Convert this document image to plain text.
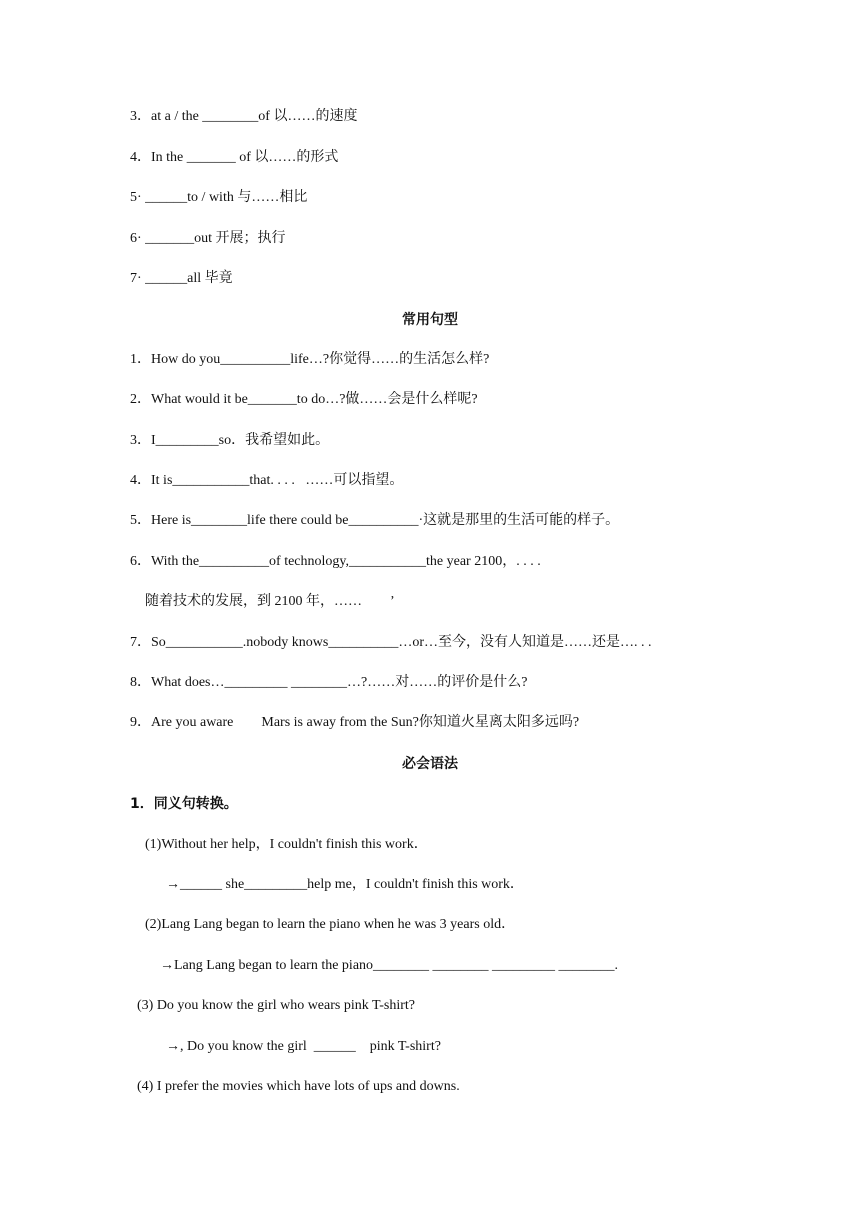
3．at a / the ________of 以……的速度
4．In the _______ of 以……的形式
5· ______to / with 与……相比
6· _______out 开展；执行
7· ______all 毕竟
常用句型
1．How do you__________life…?你觉得……的生活怎么样?
2．What would it be_______to do…?做……会是什么样呢?
3．I_________so．我希望如此。
4．It is___________that. . . .   ……可以指望。
5．Here is________life there could be__________·这就是那里的生活可能的样子。
6．With the__________of technology,___________the year 2100，. . . .
随着技术的发展，到 2100 年，……        ’
7．So___________.nobody knows__________…or…至今，没有人知道是……还是…. . .
8．What does…_________ ________…?……对……的评价是什么?
9．Are you aware        Mars is away from the Sun?你知道火星离太阳多远吗?
必会语法
1．同义句转换。
(1)Without her help，I couldn't finish this work．
→______ she_________help me，I couldn't finish this work．
(2)Lang Lang began to learn the piano when he was 3 years old．
→Lang Lang began to learn the piano________ ________ _________ ________.
(3) Do you know the girl who wears pink T-shirt?
→, Do you know the girl  ______    pink T-shirt?
(4) I prefer the movies which have lots of ups and downs.
